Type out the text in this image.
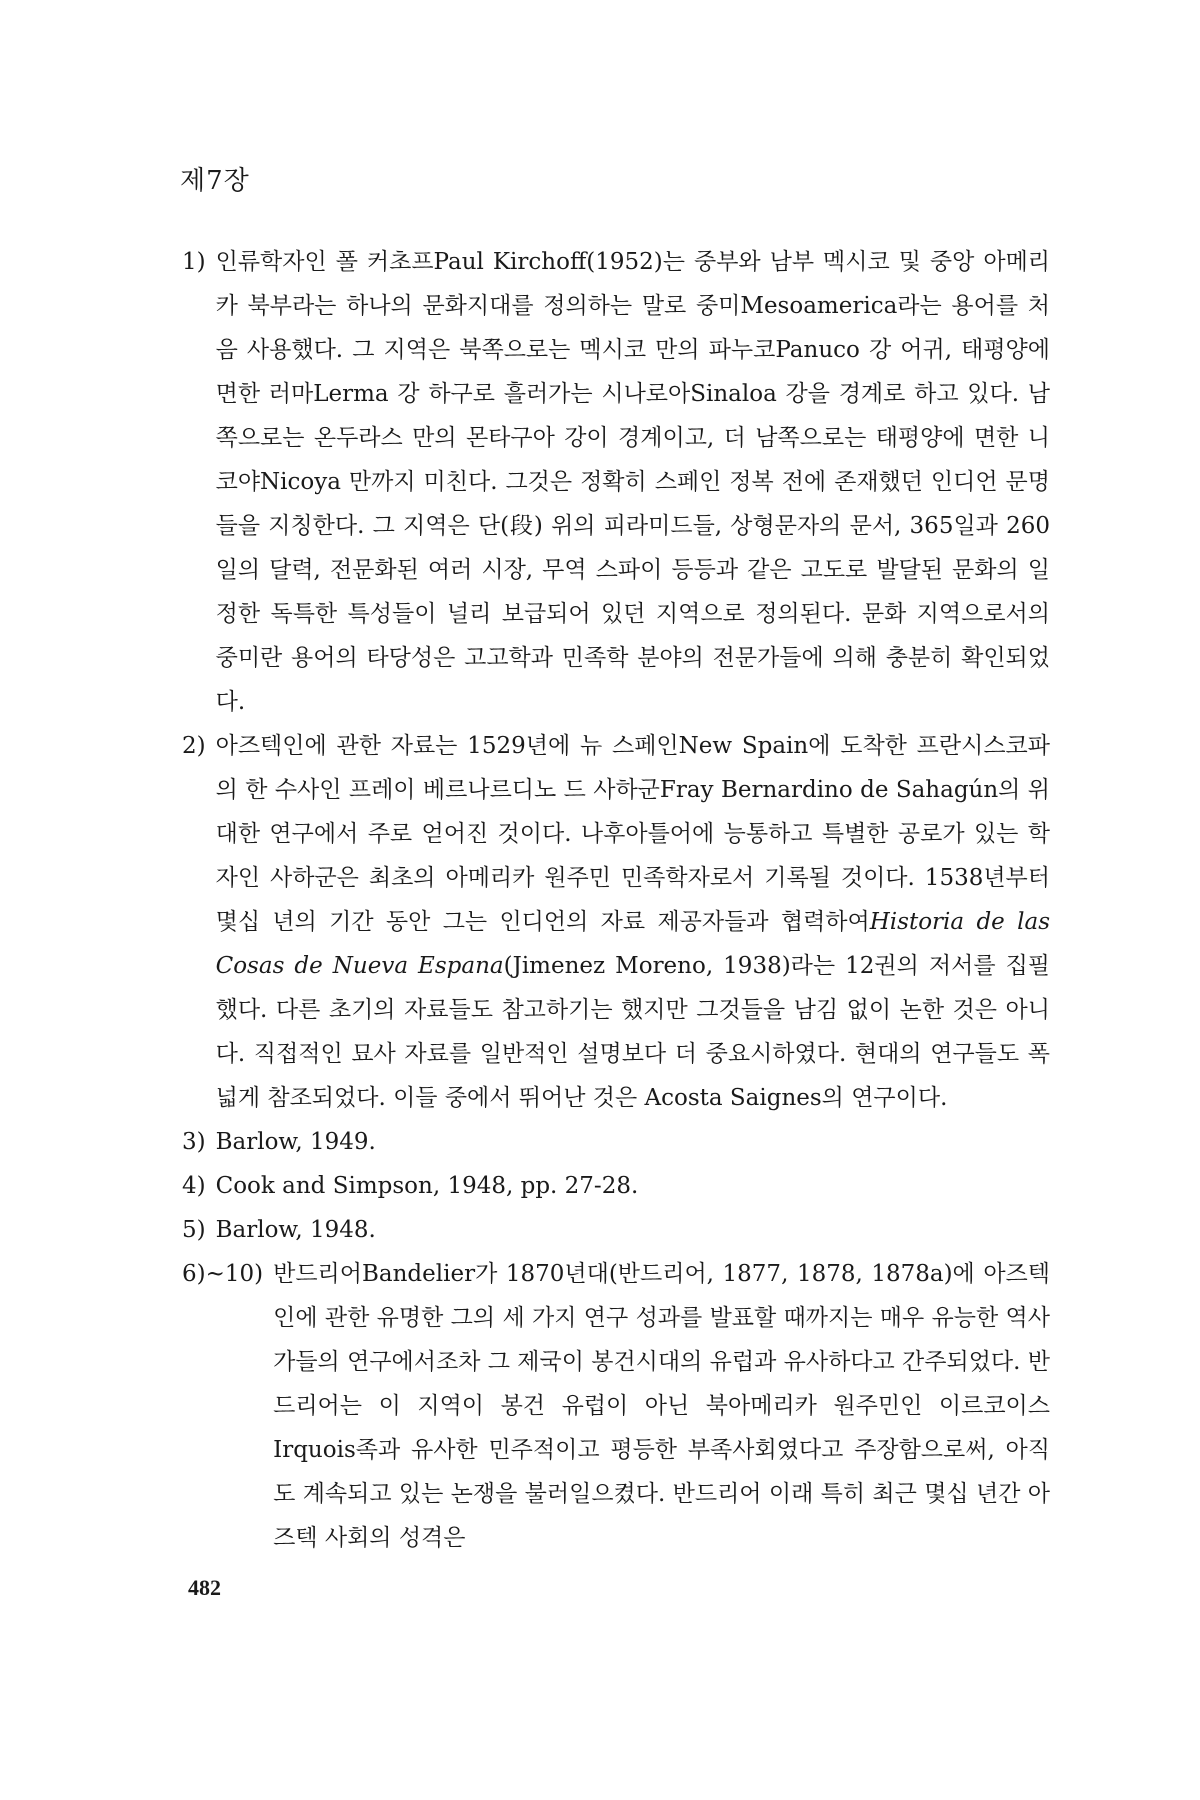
제7장
1) 인류학자인 폴 커초프Paul Kirchoff(1952)는 중부와 남부 멕시코 및 중앙 아메리카 북부라는 하나의 문화지대를 정의하는 말로 중미Mesoamerica라는 용어를 처음 사용했다. 그 지역은 북쪽으로는 멕시코 만의 파누코Panuco 강 어귀, 태평양에 면한 러마Lerma 강 하구로 흘러가는 시나로아Sinaloa 강을 경계로 하고 있다. 남쪽으로는 온두라스 만의 몬타구아 강이 경계이고, 더 남쪽으로는 태평양에 면한 니코야Nicoya 만까지 미친다. 그것은 정확히 스페인 정복 전에 존재했던 인디언 문명들을 지칭한다. 그 지역은 단(段) 위의 피라미드들, 상형문자의 문서, 365일과 260일의 달력, 전문화된 여러 시장, 무역 스파이 등등과 같은 고도로 발달된 문화의 일정한 독특한 특성들이 널리 보급되어 있던 지역으로 정의된다. 문화 지역으로서의 중미란 용어의 타당성은 고고학과 민족학 분야의 전문가들에 의해 충분히 확인되었다.
2) 아즈텍인에 관한 자료는 1529년에 뉴 스페인New Spain에 도착한 프란시스코파의 한 수사인 프레이 베르나르디노 드 사하군Fray Bernardino de Sahagún의 위대한 연구에서 주로 얻어진 것이다. 나후아틀어에 능통하고 특별한 공로가 있는 학자인 사하군은 최초의 아메리카 원주민 민족학자로서 기록될 것이다. 1538년부터 몇십 년의 기간 동안 그는 인디언의 자료 제공자들과 협력하여Historia de las Cosas de Nueva Espana(Jimenez Moreno, 1938)라는 12권의 저서를 집필했다. 다른 초기의 자료들도 참고하기는 했지만 그것들을 남김 없이 논한 것은 아니다. 직접적인 묘사 자료를 일반적인 설명보다 더 중요시하였다. 현대의 연구들도 폭넓게 참조되었다. 이들 중에서 뛰어난 것은 Acosta Saignes의 연구이다.
3) Barlow, 1949.
4) Cook and Simpson, 1948, pp. 27-28.
5) Barlow, 1948.
6)~10) 반드리어Bandelier가 1870년대(반드리어, 1877, 1878, 1878a)에 아즈텍인에 관한 유명한 그의 세 가지 연구 성과를 발표할 때까지는 매우 유능한 역사가들의 연구에서조차 그 제국이 봉건시대의 유럽과 유사하다고 간주되었다. 반드리어는 이 지역이 봉건 유럽이 아닌 북아메리카 원주민인 이르코이스Irquois족과 유사한 민주적이고 평등한 부족사회였다고 주장함으로써, 아직도 계속되고 있는 논쟁을 불러일으켰다. 반드리어 이래 특히 최근 몇십 년간 아즈텍 사회의 성격은
482
